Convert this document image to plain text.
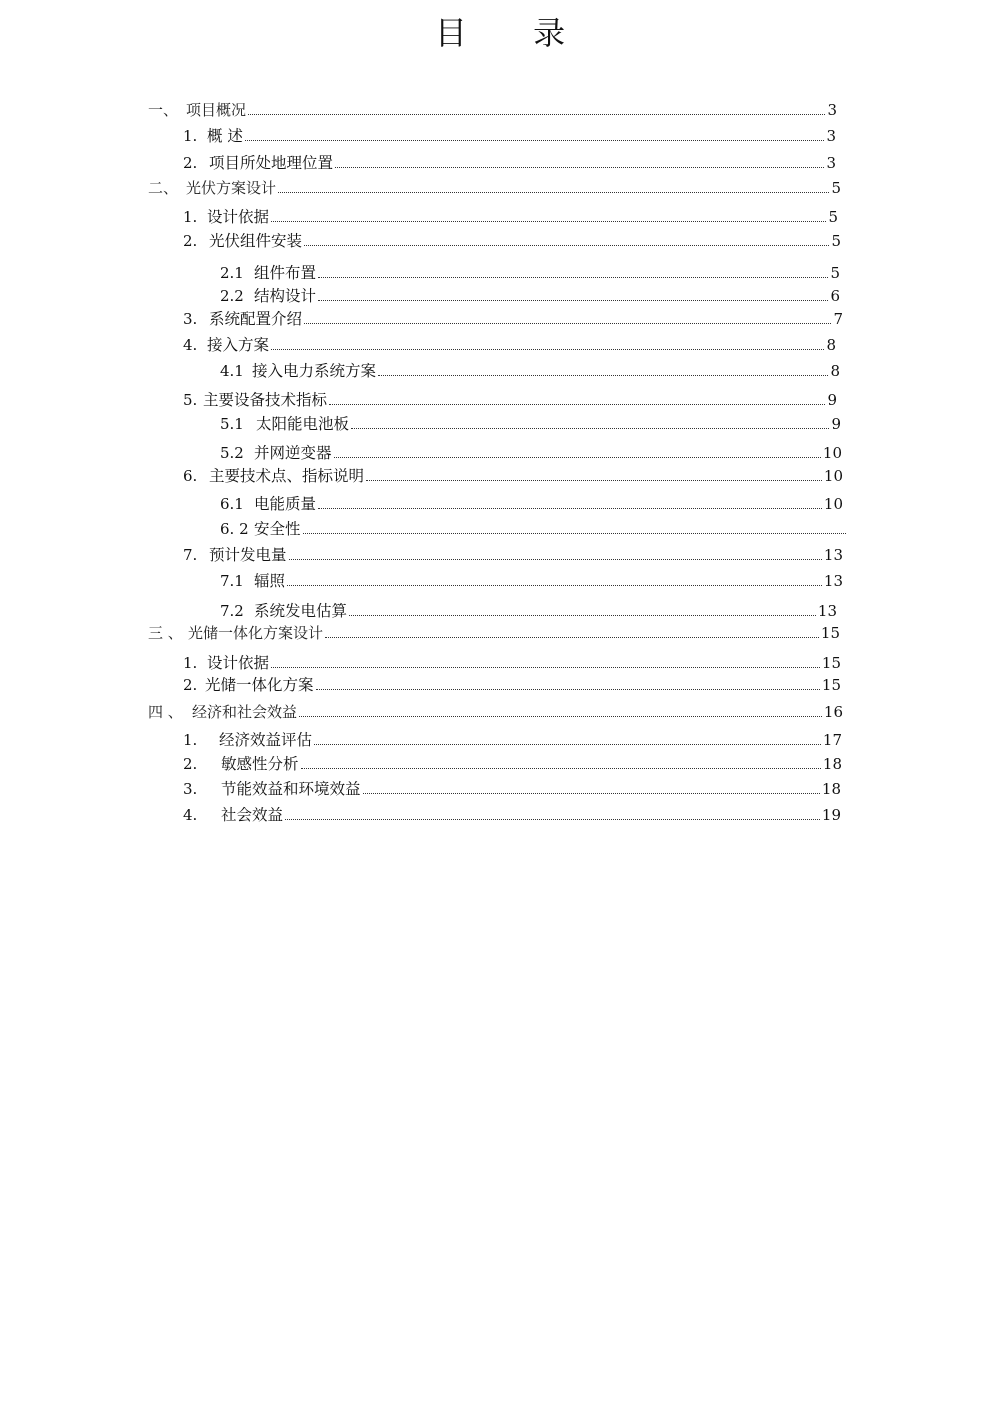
目 录
一、 项目概况	3
1. 概 述	3
2. 项目所处地理位置	3
二、 光伏方案设计	5
1. 设计依据	5
2. 光伏组件安装	5
2.1 组件布置	5
2.2 结构设计	6
3. 系统配置介绍	7
4. 接入方案	8
4.1 接入电力系统方案	8
5. 主要设备技术指标	9
5.1 太阳能电池板	9
5.2 并网逆变器	10
6. 主要技术点、指标说明	10
6.1 电能质量	10
6. 2 安全性
7. 预计发电量	13
7.1 辐照	13
7.2 系统发电估算	13
三 、 光储一体化方案设计	15
1. 设计依据	15
2. 光储一体化方案	15
四 、 经济和社会效益	16
1.	经济效益评估	17
2.	敏感性分析	18
3.	节能效益和环境效益	18
4.	社会效益	19
